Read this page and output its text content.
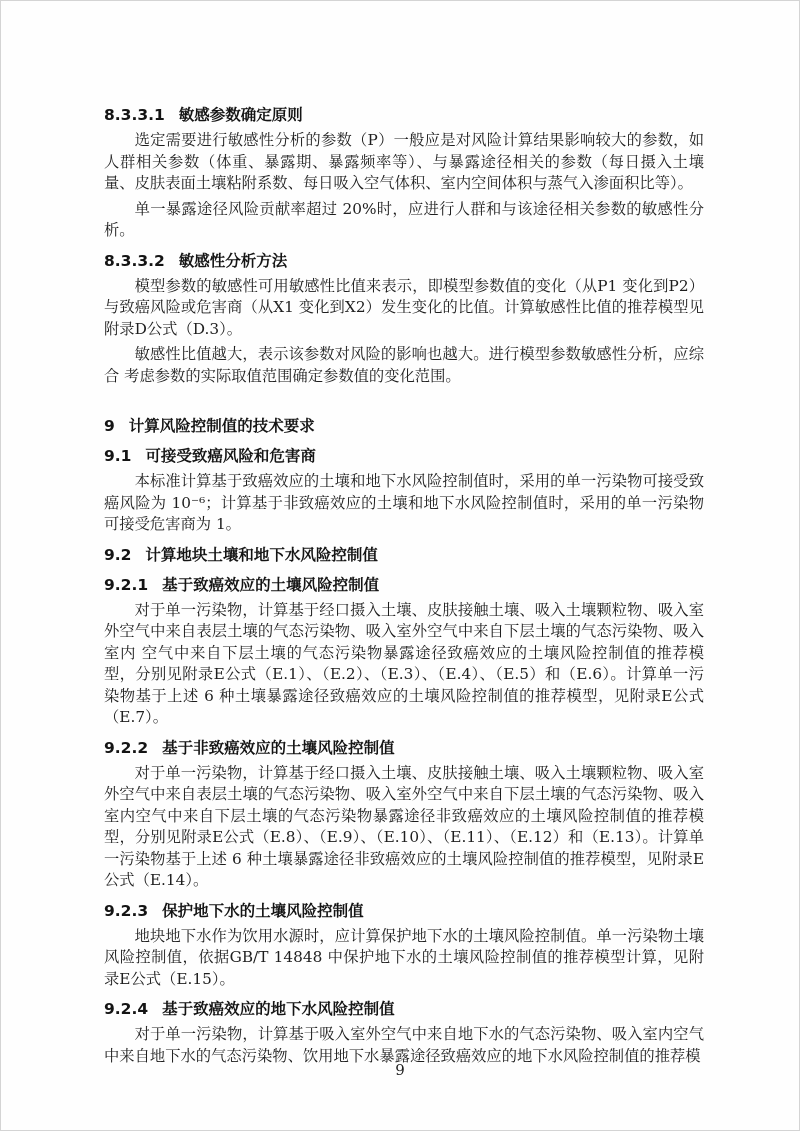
8.3.3.1 敏感参数确定原则

选定需要进行敏感性分析的参数（P）一般应是对风险计算结果影响较大的参数，如人群相关参数（体重、暴露期、暴露频率等）、与暴露途径相关的参数（每日摄入土壤量、皮肤表面土壤粘附系数、每日吸入空气体积、室内空间体积与蒸气入渗面积比等）。

单一暴露途径风险贡献率超过 20%时，应进行人群和与该途径相关参数的敏感性分析。

8.3.3.2 敏感性分析方法

模型参数的敏感性可用敏感性比值来表示，即模型参数值的变化（从P1 变化到P2）与致癌风险或危害商（从X1 变化到X2）发生变化的比值。计算敏感性比值的推荐模型见附录D公式（D.3）。

敏感性比值越大，表示该参数对风险的影响也越大。进行模型参数敏感性分析，应综合 考虑参数的实际取值范围确定参数值的变化范围。

9 计算风险控制值的技术要求
9.1 可接受致癌风险和危害商

本标准计算基于致癌效应的土壤和地下水风险控制值时，采用的单一污染物可接受致癌风险为 10⁻⁶；计算基于非致癌效应的土壤和地下水风险控制值时，采用的单一污染物可接受危害商为 1。

9.2 计算地块土壤和地下水风险控制值
9.2.1 基于致癌效应的土壤风险控制值

对于单一污染物，计算基于经口摄入土壤、皮肤接触土壤、吸入土壤颗粒物、吸入室外空气中来自表层土壤的气态污染物、吸入室外空气中来自下层土壤的气态污染物、吸入室内 空气中来自下层土壤的气态污染物暴露途径致癌效应的土壤风险控制值的推荐模型，分别见附录E公式（E.1）、（E.2）、（E.3）、（E.4）、（E.5）和（E.6）。计算单一污染物基于上述 6 种土壤暴露途径致癌效应的土壤风险控制值的推荐模型，见附录E公式（E.7）。

9.2.2 基于非致癌效应的土壤风险控制值

对于单一污染物，计算基于经口摄入土壤、皮肤接触土壤、吸入土壤颗粒物、吸入室外空气中来自表层土壤的气态污染物、吸入室外空气中来自下层土壤的气态污染物、吸入室内空气中来自下层土壤的气态污染物暴露途径非致癌效应的土壤风险控制值的推荐模型，分别见附录E公式（E.8）、（E.9）、（E.10）、（E.11）、（E.12）和（E.13）。计算单一污染物基于上述 6 种土壤暴露途径非致癌效应的土壤风险控制值的推荐模型，见附录E公式（E.14）。

9.2.3 保护地下水的土壤风险控制值

地块地下水作为饮用水源时，应计算保护地下水的土壤风险控制值。单一污染物土壤风险控制值，依据GB/T 14848 中保护地下水的土壤风险控制值的推荐模型计算，见附录E公式（E.15）。

9.2.4 基于致癌效应的地下水风险控制值

对于单一污染物，计算基于吸入室外空气中来自地下水的气态污染物、吸入室内空气中来自地下水的气态污染物、饮用地下水暴露途径致癌效应的地下水风险控制值的推荐模

9
